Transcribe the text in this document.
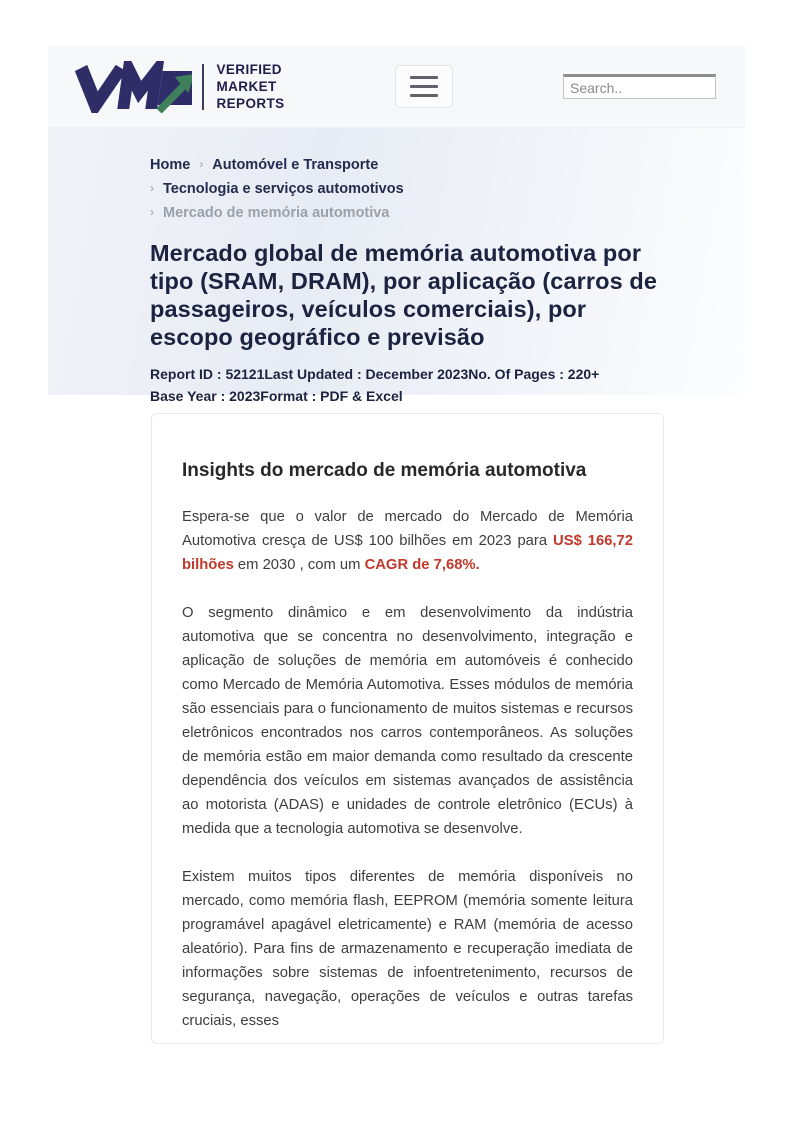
VERIFIED
MARKET
REPORTS
Search..
Home › Automóvel e Transporte
› Tecnologia e serviços automotivos
› Mercado de memória automotiva
Mercado global de memória automotiva por tipo (SRAM, DRAM), por aplicação (carros de passageiros, veículos comerciais), por escopo geográfico e previsão
Report ID : 52121Last Updated : December 2023No. Of Pages : 220+Base Year : 2023Format : PDF & Excel
Insights do mercado de memória automotiva

Espera-se que o valor de mercado do Mercado de Memória Automotiva cresça de US$ 100 bilhões em 2023 para US$ 166,72 bilhões em 2030 , com um CAGR de 7,68%.

O segmento dinâmico e em desenvolvimento da indústria automotiva que se concentra no desenvolvimento, integração e aplicação de soluções de memória em automóveis é conhecido como Mercado de Memória Automotiva. Esses módulos de memória são essenciais para o funcionamento de muitos sistemas e recursos eletrônicos encontrados nos carros contemporâneos. As soluções de memória estão em maior demanda como resultado da crescente dependência dos veículos em sistemas avançados de assistência ao motorista (ADAS) e unidades de controle eletrônico (ECUs) à medida que a tecnologia automotiva se desenvolve.

Existem muitos tipos diferentes de memória disponíveis no mercado, como memória flash, EEPROM (memória somente leitura programável apagável eletricamente) e RAM (memória de acesso aleatório). Para fins de armazenamento e recuperação imediata de informações sobre sistemas de infoentretenimento, recursos de segurança, navegação, operações de veículos e outras tarefas cruciais, esses
